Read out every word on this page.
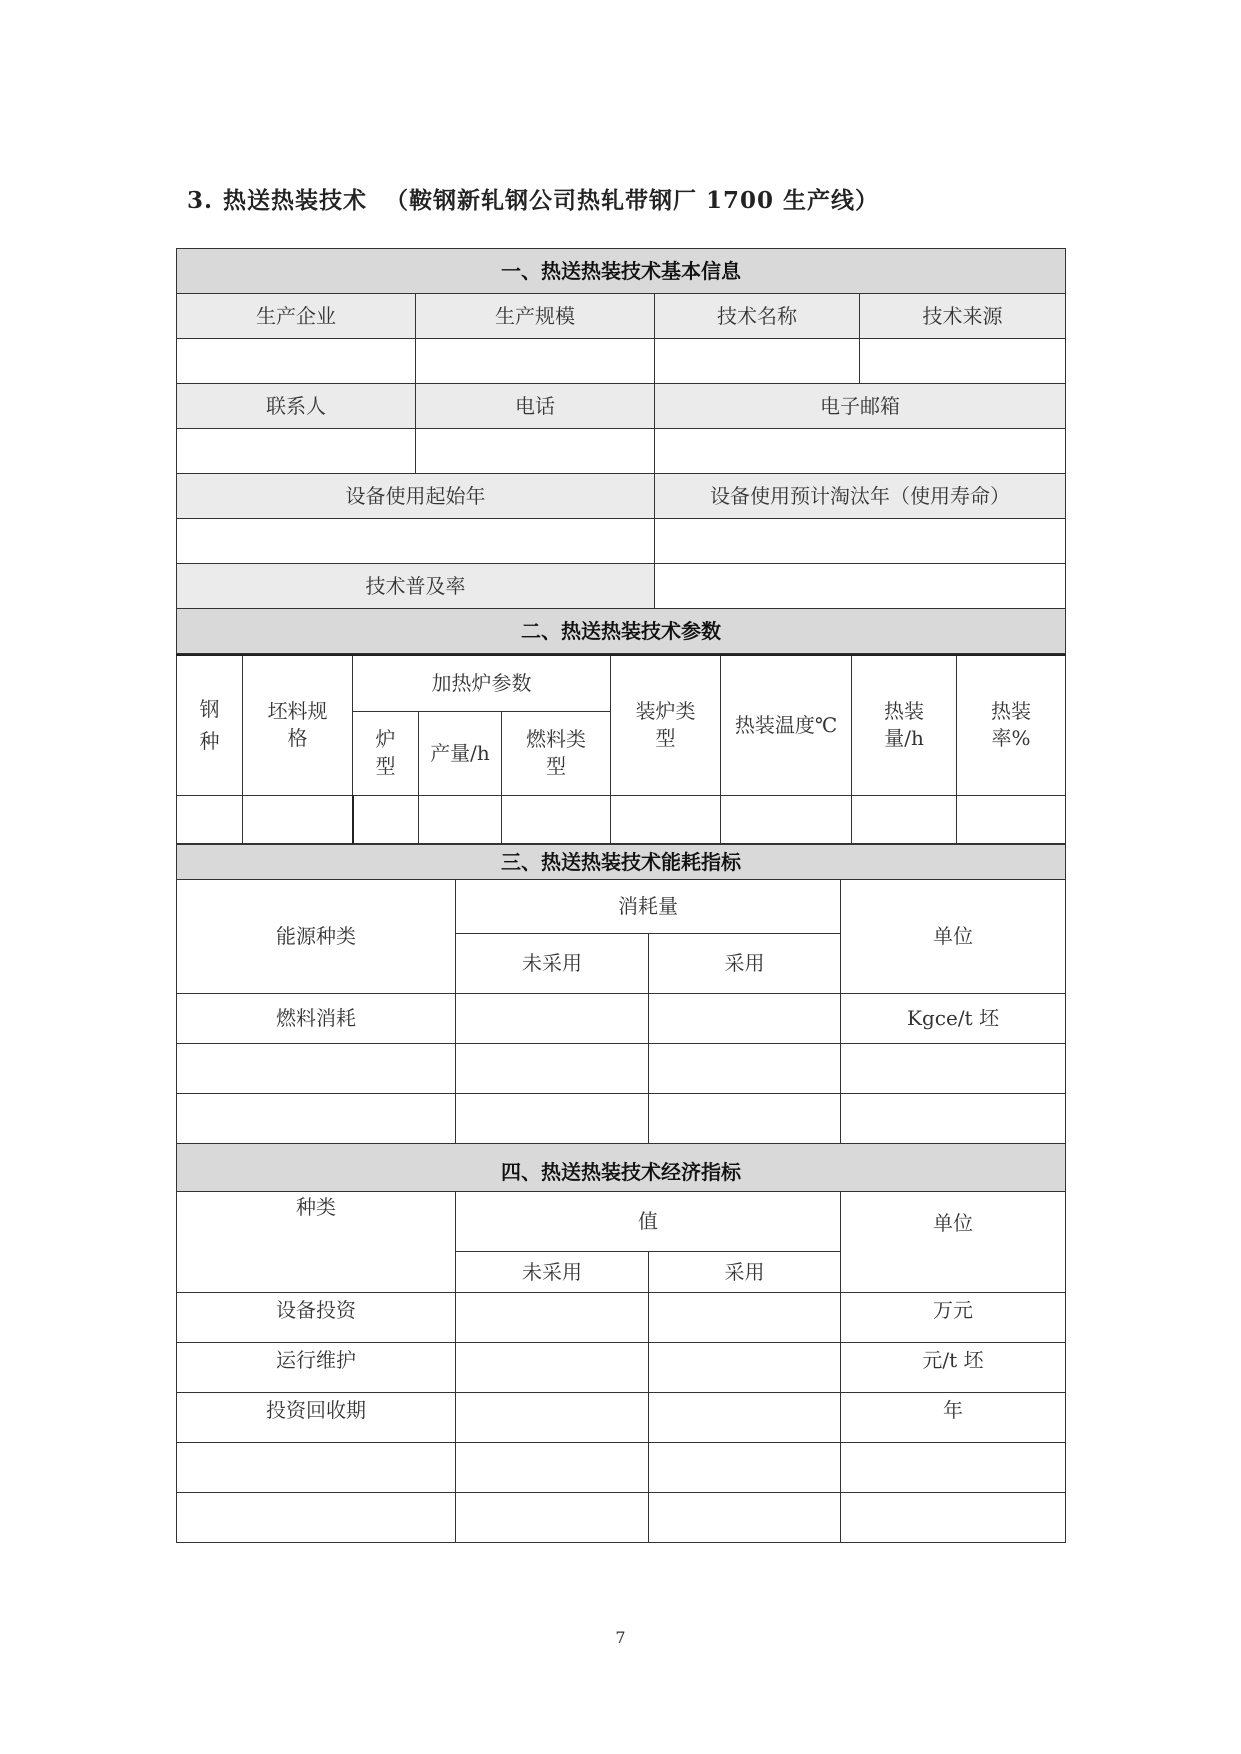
3. 热送热装技术 （鞍钢新轧钢公司热轧带钢厂 1700 生产线）
一、热送热装技术基本信息			
生产企业	生产规模	技术名称	技术来源

联系人	电话	电子邮箱	

设备使用起始年		设备使用预计淘汰年（使用寿命）	

技术普及率			
二、热送热装技术参数			
钢种	坯料规格	加热炉参数			装炉类型	热装温度℃	热装量/h	热装率%
		炉型	产量/h	燃料类型				

三、热送热装技术能耗指标			
能源种类	消耗量		单位
	未采用	采用	
燃料消耗			Kgce/t 坯

四、热送热装技术经济指标			
种类	值		单位
	未采用	采用	
设备投资			万元
运行维护			元/t 坯
投资回收期			年

7
